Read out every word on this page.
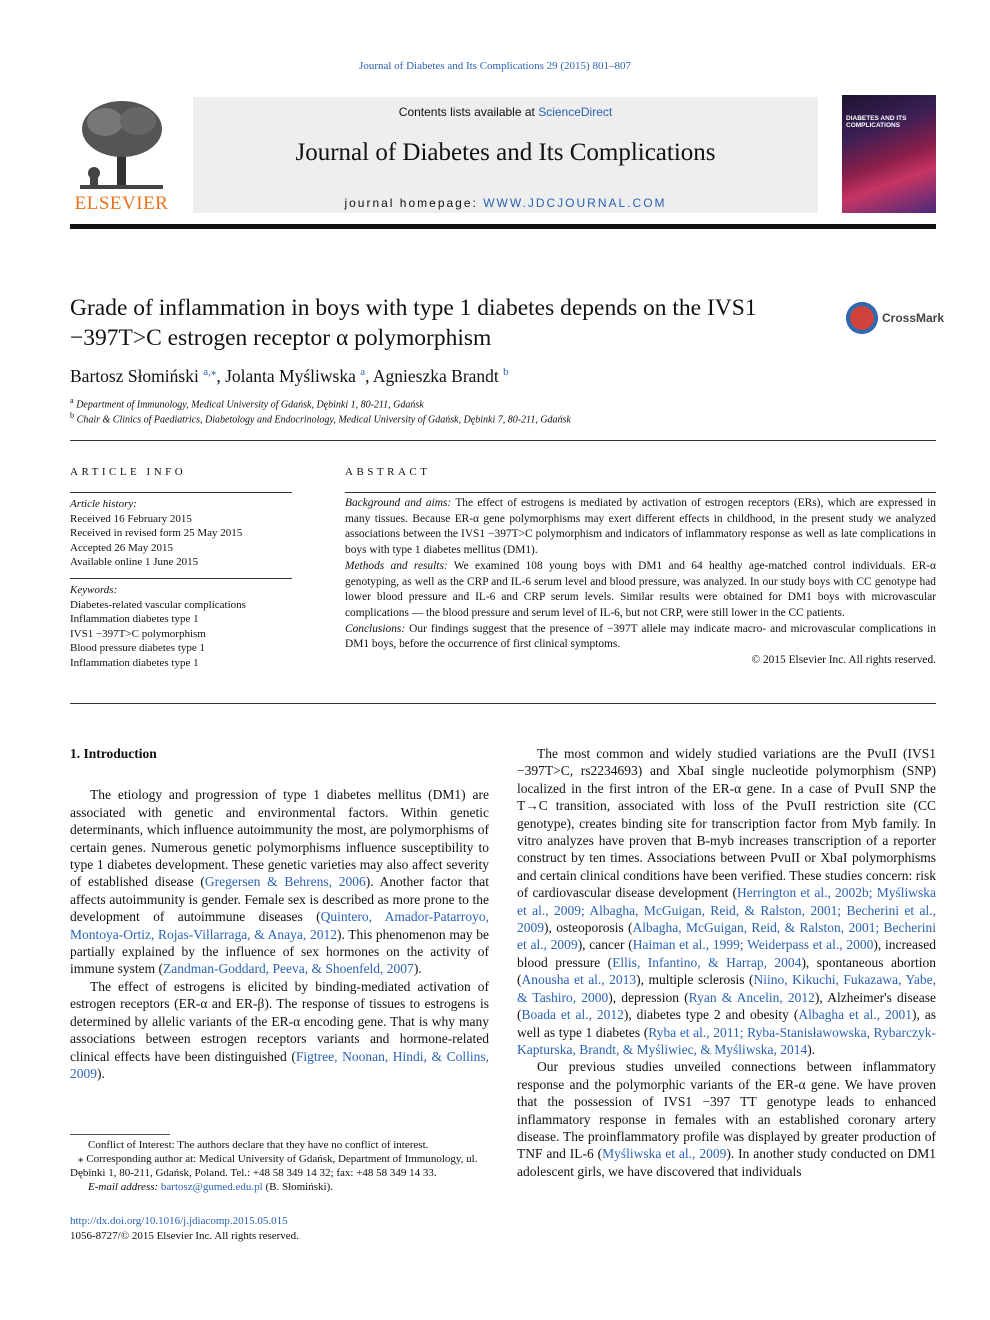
Journal of Diabetes and Its Complications 29 (2015) 801–807
ELSEVIER
Contents lists available at ScienceDirect
Journal of Diabetes and Its Complications
journal homepage: WWW.JDCJOURNAL.COM
DIABETES AND ITS COMPLICATIONS
Grade of inflammation in boys with type 1 diabetes depends on the IVS1 −397T>C estrogen receptor α polymorphism
CrossMark
Bartosz Słomiński $^{a,⁎}$, Jolanta Myśliwska $^a$, Agnieszka Brandt $^b$
$^a$ Department of Immunology, Medical University of Gdańsk, Dębinki 1, 80-211, Gdańsk
$^b$ Chair & Clinics of Paediatrics, Diabetology and Endocrinology, Medical University of Gdańsk, Dębinki 7, 80-211, Gdańsk
ARTICLE INFO
Article history:
Received 16 February 2015
Received in revised form 25 May 2015
Accepted 26 May 2015
Available online 1 June 2015
Keywords:
Diabetes-related vascular complications
Inflammation diabetes type 1
IVS1 −397T>C polymorphism
Blood pressure diabetes type 1
Inflammation diabetes type 1
ABSTRACT
Background and aims: The effect of estrogens is mediated by activation of estrogen receptors (ERs), which are expressed in many tissues. Because ER-α gene polymorphisms may exert different effects in childhood, in the present study we analyzed associations between the IVS1 −397T>C polymorphism and indicators of inflammatory response as well as late complications in boys with type 1 diabetes mellitus (DM1).
Methods and results: We examined 108 young boys with DM1 and 64 healthy age-matched control individuals. ER-α genotyping, as well as the CRP and IL-6 serum level and blood pressure, was analyzed. In our study boys with CC genotype had lower blood pressure and IL-6 and CRP serum levels. Similar results were obtained for DM1 boys with microvascular complications — the blood pressure and serum level of IL-6, but not CRP, were still lower in the CC patients.
Conclusions: Our findings suggest that the presence of −397T allele may indicate macro- and microvascular complications in DM1 boys, before the occurrence of first clinical symptoms.
© 2015 Elsevier Inc. All rights reserved.
1. Introduction

The etiology and progression of type 1 diabetes mellitus (DM1) are associated with genetic and environmental factors. Within genetic determinants, which influence autoimmunity the most, are polymorphisms of certain genes. Numerous genetic polymorphisms influence susceptibility to type 1 diabetes development. These genetic varieties may also affect severity of established disease (Gregersen & Behrens, 2006). Another factor that affects autoimmunity is gender. Female sex is described as more prone to the development of autoimmune diseases (Quintero, Amador-Patarroyo, Montoya-Ortiz, Rojas-Villarraga, & Anaya, 2012). This phenomenon may be partially explained by the influence of sex hormones on the activity of immune system (Zandman-Goddard, Peeva, & Shoenfeld, 2007).

The effect of estrogens is elicited by binding-mediated activation of estrogen receptors (ER-α and ER-β). The response of tissues to estrogens is determined by allelic variants of the ER-α encoding gene. That is why many associations between estrogen receptors variants and hormone-related clinical effects have been distinguished (Figtree, Noonan, Hindi, & Collins, 2009).

The most common and widely studied variations are the PvuII (IVS1 −397T>C, rs2234693) and XbaI single nucleotide polymorphism (SNP) localized in the first intron of the ER-α gene. In a case of PvuII SNP the T→C transition, associated with loss of the PvuII restriction site (CC genotype), creates binding site for transcription factor from Myb family. In vitro analyzes have proven that B-myb increases transcription of a reporter construct by ten times. Associations between PvuII or XbaI polymorphisms and certain clinical conditions have been verified. These studies concern: risk of cardiovascular disease development (Herrington et al., 2002b; Myśliwska et al., 2009; Albagha, McGuigan, Reid, & Ralston, 2001; Becherini et al., 2009), osteoporosis (Albagha, McGuigan, Reid, & Ralston, 2001; Becherini et al., 2009), cancer (Haiman et al., 1999; Weiderpass et al., 2000), increased blood pressure (Ellis, Infantino, & Harrap, 2004), spontaneous abortion (Anousha et al., 2013), multiple sclerosis (Niino, Kikuchi, Fukazawa, Yabe, & Tashiro, 2000), depression (Ryan & Ancelin, 2012), Alzheimer's disease (Boada et al., 2012), diabetes type 2 and obesity (Albagha et al., 2001), as well as type 1 diabetes (Ryba et al., 2011; Ryba-Stanisławowska, Rybarczyk-Kapturska, Brandt, & Myśliwiec, & Myśliwska, 2014).

Our previous studies unveiled connections between inflammatory response and the polymorphic variants of the ER-α gene. We have proven that the possession of IVS1 −397 TT genotype leads to enhanced inflammatory response in females with an established coronary artery disease. The proinflammatory profile was displayed by greater production of TNF and IL-6 (Myśliwska et al., 2009). In another study conducted on DM1 adolescent girls, we have discovered that individuals

Conflict of Interest: The authors declare that they have no conflict of interest.

⁎ Corresponding author at: Medical University of Gdańsk, Department of Immunology, ul. Dębinki 1, 80-211, Gdańsk, Poland. Tel.: +48 58 349 14 32; fax: +48 58 349 14 33.

E-mail address: bartosz@gumed.edu.pl (B. Słomiński).

http://dx.doi.org/10.1016/j.jdiacomp.2015.05.015
1056-8727/© 2015 Elsevier Inc. All rights reserved.
